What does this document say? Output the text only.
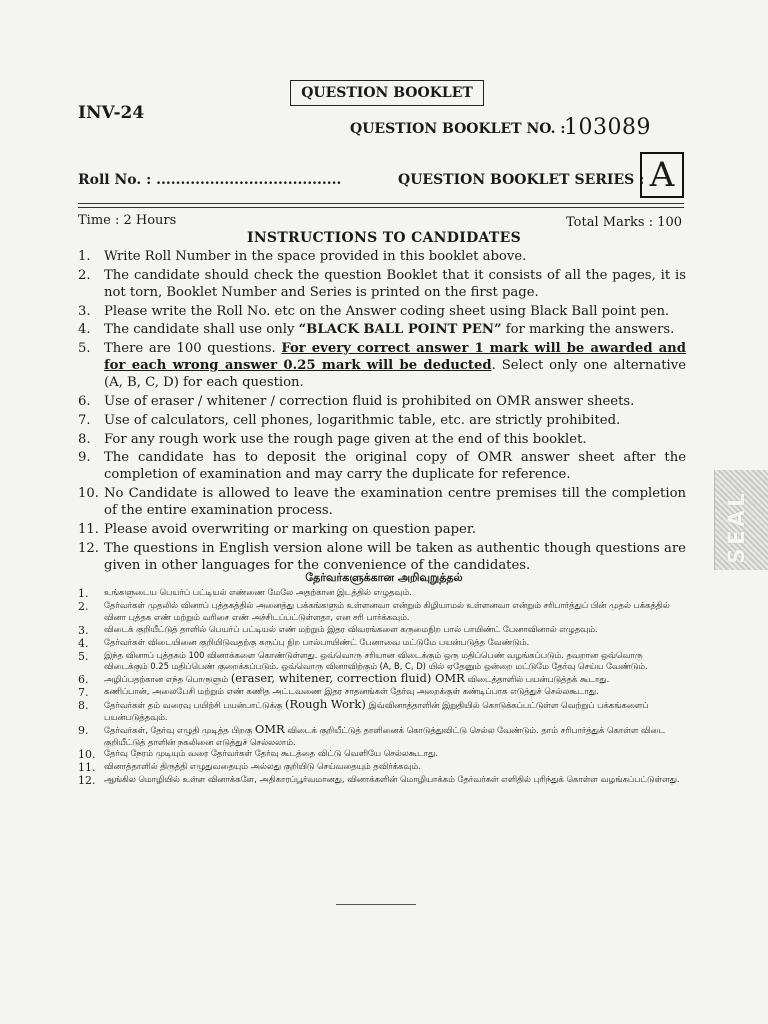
QUESTION BOOKLET
INV-24
QUESTION BOOKLET NO. :
103089
Roll No. : ......................................	QUESTION BOOKLET SERIES : A
Time : 2 Hours	Total Marks : 100
INSTRUCTIONS TO CANDIDATES
1.	Write Roll Number in the space provided in this booklet above.
2.	The candidate should check the question Booklet that it consists of all the pages, it is not torn, Booklet Number and Series is printed on the first page.
3.	Please write the Roll No. etc on the Answer coding sheet using Black Ball point pen.
4.	The candidate shall use only “BLACK BALL POINT PEN” for marking the answers.
5.	There are 100 questions. For every correct answer 1 mark will be awarded and for each wrong answer 0.25 mark will be deducted. Select only one alternative (A, B, C, D) for each question.
6.	Use of eraser / whitener / correction fluid is prohibited on OMR answer sheets.
7.	Use of calculators, cell phones, logarithmic table, etc. are strictly prohibited.
8.	For any rough work use the rough page given at the end of this booklet.
9.	The candidate has to deposit the original copy of OMR answer sheet after the completion of examination and may carry the duplicate for reference.
10. No Candidate is allowed to leave the examination centre premises till the completion of the entire examination process.
11. Please avoid overwriting or marking on question paper.
12. The questions in English version alone will be taken as authentic though questions are given in other languages for the convenience of the candidates.
தேர்வர்களுக்கான அறிவுறுத்தல்
1.	உங்களுடைய பெயர்ப் பட்டியல் எண்ணை மேலே அதற்கான இடத்தில் எழுதவும்.
2.	தேர்வர்கள் முதலில் வினாப் புத்தகத்தில் அனைத்து பக்கங்களும் உள்ளனவா என்றும் கிழியாமல் உள்ளனவா என்றும் சரிபார்த்துப் பின் முதல் பக்கத்தில் வினா புத்தக எண் மற்றும் வரிசை எண் அச்சிடப்பட்டுள்ளதா, என சரி பார்க்கவும்.
3.	விடைக் குறியீட்டுத் தாளில் பெயர்ப் பட்டியல் எண் மற்றும் இதர விவரங்களை கருமைநிற பால் பாயிண்ட் பேனாவினால் எழுதவும்.
4.	தேர்வர்கள் விடையினை குறியிடுவதற்கு கருப்பு நிற பால்பாயிண்ட் பேனாவை மட்டுமே பயன்படுத்த வேண்டும்.
5.	இந்த வினாப் புத்தகம் 100 வினாக்களை கொண்டுள்ளது. ஒவ்வொரு சரியான விடைக்கும் ஒரு மதிப்பெண் வழங்கப்படும். தவறான ஒவ்வொரு விடைக்கும் 0.25 மதிப்பெண் குறைக்கப்படும். ஒவ்வொரு வினாவிற்கும் (A, B, C, D) யில் ஏதேனும் ஒன்றை மட்டுமே தேர்வு செய்ய வேண்டும்.
6.	அழிப்பதற்கான எந்த பொருளும் (eraser, whitener, correction fluid) OMR விடைத்தாளில் பயன்படுத்தக் கூடாது.
7.	கணிப்பான், அலைபேசி மற்றும் எண் கணித அட்டவணை இதர சாதனங்கள் தேர்வு அறைக்குள் கண்டிப்பாக எடுத்துச் செல்லகூடாது.
8.	தேர்வர்கள் தம் வரைவு பயிற்சி பயன்பாட்டுக்கு (Rough Work) இவ்வினாத்தாளின் இறுதியில் கொடுக்கப்பட்டுள்ள வெற்றுப் பக்கங்களைப் பயன்படுத்தவும்.
9.	தேர்வர்கள், தேர்வு எழுதி முடித்த பிறகு OMR விடைக் குறியீட்டுத் தாளினைக் கொடுத்துவிட்டு செல்ல வேண்டும். தாம் சரிபார்த்துக் கொள்ள விடை குறியீட்டுத் தாளின் நகலினை எடுத்துச் செல்லலாம்.
10.	தேர்வு நேரம் முடியும் வரை தேர்வர்கள் தேர்வு கூடத்தை விட்டு வெளியே செல்லகூடாது.
11.	வினாத்தாளில் திருத்தி எழுதுவதையும் அல்லது குறியிடு செய்வதையும் தவிர்க்கவும்.
12.	ஆங்கில மொழியில் உள்ள வினாக்களே, அதிகாரப்பூர்வமானது, வினாக்களின் மொழியாக்கம் தேர்வர்கள் எளிதில் புரிந்துக் கொள்ள வழங்கப்பட்டுள்ளது.
SEAL
